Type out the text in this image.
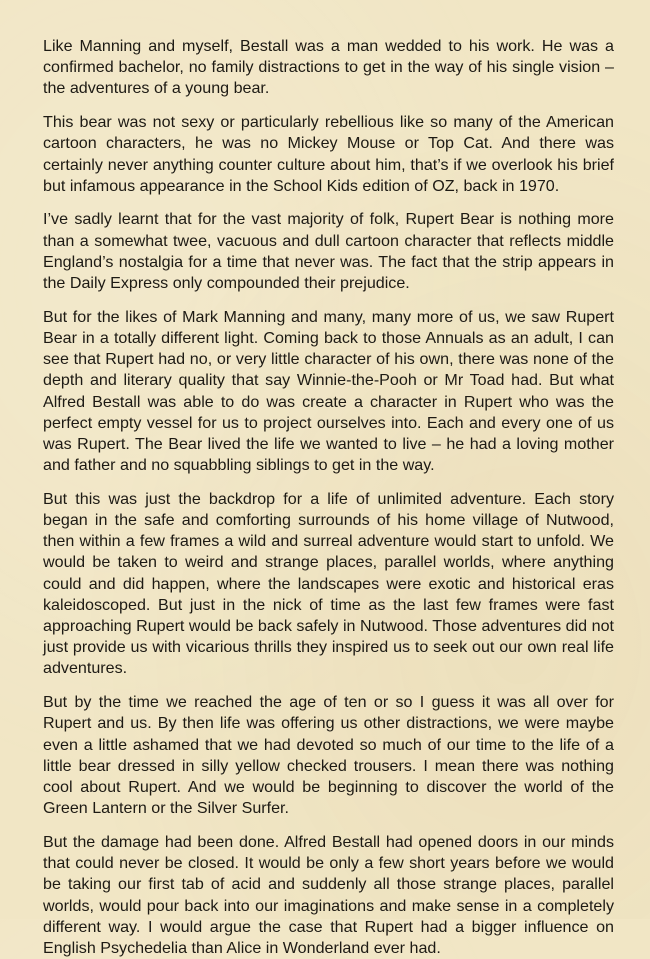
Like Manning and myself, Bestall was a man wedded to his work. He was a confirmed bachelor, no family distractions to get in the way of his single vision – the adventures of a young bear.

This bear was not sexy or particularly rebellious like so many of the American cartoon characters, he was no Mickey Mouse or Top Cat. And there was certainly never anything counter culture about him, that’s if we overlook his brief but infamous appearance in the School Kids edition of OZ, back in 1970.

I’ve sadly learnt that for the vast majority of folk, Rupert Bear is nothing more than a somewhat twee, vacuous and dull cartoon character that reflects middle England’s nostalgia for a time that never was. The fact that the strip appears in the Daily Express only compounded their prejudice.

But for the likes of Mark Manning and many, many more of us, we saw Rupert Bear in a totally different light. Coming back to those Annuals as an adult, I can see that Rupert had no, or very little character of his own, there was none of the depth and literary quality that say Winnie-the-Pooh or Mr Toad had. But what Alfred Bestall was able to do was create a character in Rupert who was the perfect empty vessel for us to project ourselves into. Each and every one of us was Rupert. The Bear lived the life we wanted to live – he had a loving mother and father and no squabbling siblings to get in the way.

But this was just the backdrop for a life of unlimited adventure. Each story began in the safe and comforting surrounds of his home village of Nutwood, then within a few frames a wild and surreal adventure would start to unfold. We would be taken to weird and strange places, parallel worlds, where anything could and did happen, where the landscapes were exotic and historical eras kaleidoscoped. But just in the nick of time as the last few frames were fast approaching Rupert would be back safely in Nutwood. Those adventures did not just provide us with vicarious thrills they inspired us to seek out our own real life adventures.

But by the time we reached the age of ten or so I guess it was all over for Rupert and us. By then life was offering us other distractions, we were maybe even a little ashamed that we had devoted so much of our time to the life of a little bear dressed in silly yellow checked trousers. I mean there was nothing cool about Rupert. And we would be beginning to discover the world of the Green Lantern or the Silver Surfer.

But the damage had been done. Alfred Bestall had opened doors in our minds that could never be closed. It would be only a few short years before we would be taking our first tab of acid and suddenly all those strange places, parallel worlds, would pour back into our imaginations and make sense in a completely different way. I would argue the case that Rupert had a bigger influence on English Psychedelia than Alice in Wonderland ever had.
